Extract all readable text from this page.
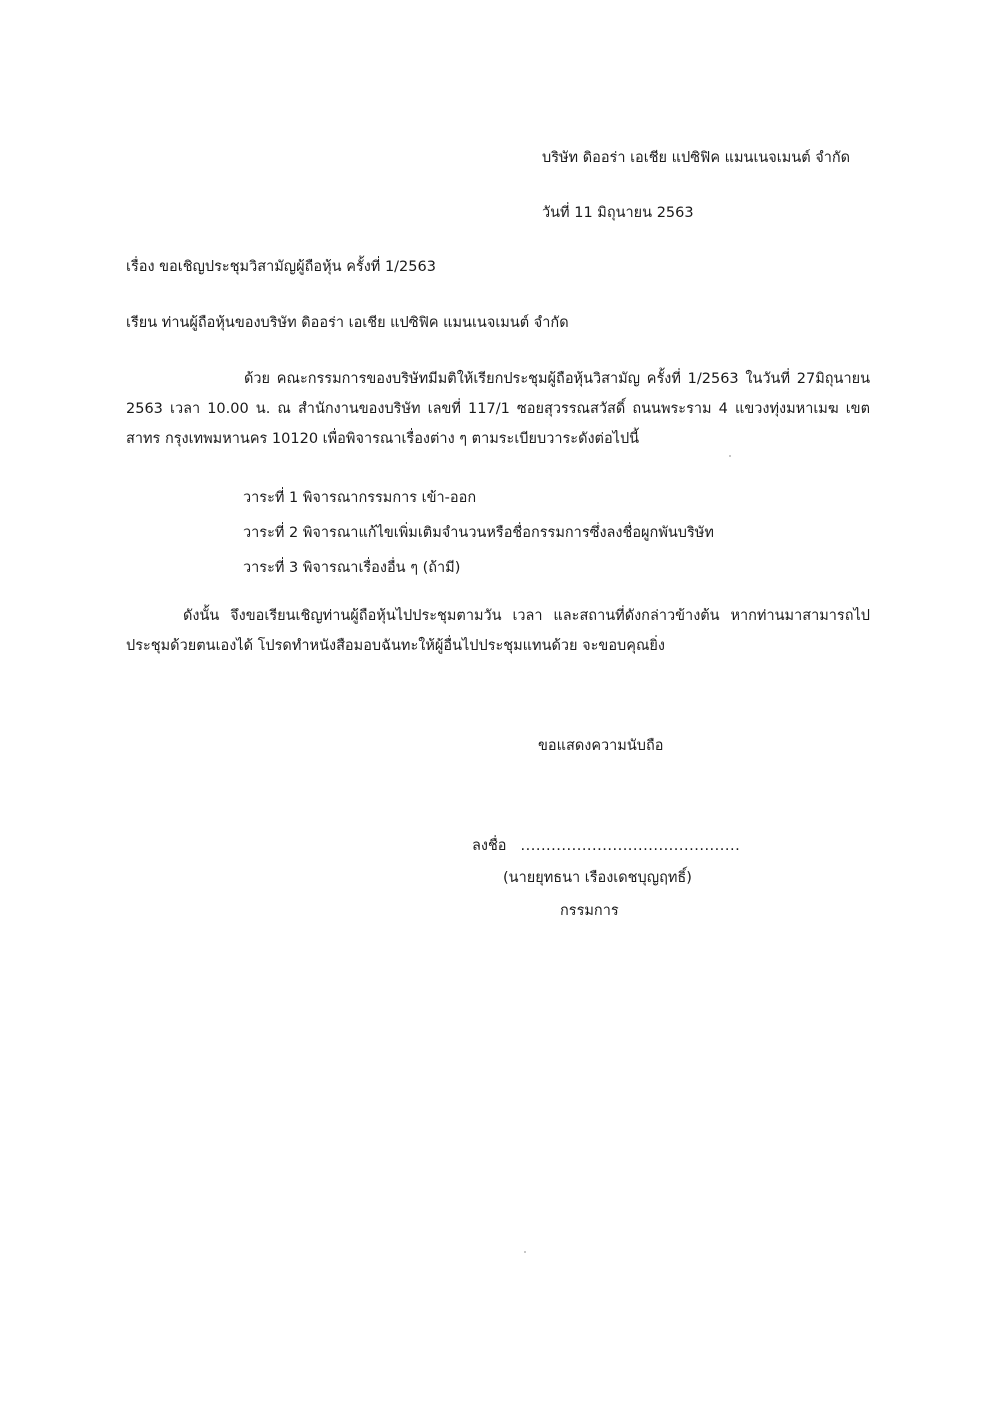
บริษัท ดิออร่า เอเชีย แปซิฟิค แมนเนจเมนต์ จำกัด
วันที่ 11 มิถุนายน 2563
เรื่อง ขอเชิญประชุมวิสามัญผู้ถือหุ้น ครั้งที่ 1/2563
เรียน ท่านผู้ถือหุ้นของบริษัท ดิออร่า เอเชีย แปซิฟิค แมนเนจเมนต์ จำกัด
ด้วย คณะกรรมการของบริษัทมีมติให้เรียกประชุมผู้ถือหุ้นวิสามัญ ครั้งที่ 1/2563 ในวันที่ 27มิถุนายน 2563 เวลา 10.00 น. ณ สำนักงานของบริษัท เลขที่ 117/1 ซอยสุวรรณสวัสดิ์ ถนนพระราม 4 แขวงทุ่งมหาเมฆ เขตสาทร กรุงเทพมหานคร 10120 เพื่อพิจารณาเรื่องต่าง ๆ ตามระเบียบวาระดังต่อไปนี้
วาระที่ 1 พิจารณากรรมการ เข้า-ออก
วาระที่ 2 พิจารณาแก้ไขเพิ่มเติมจำนวนหรือชื่อกรรมการซึ่งลงชื่อผูกพันบริษัท
วาระที่ 3 พิจารณาเรื่องอื่น ๆ (ถ้ามี)
ดังนั้น จึงขอเรียนเชิญท่านผู้ถือหุ้นไปประชุมตามวัน เวลา และสถานที่ดังกล่าวข้างต้น หากท่านมาสามารถไปประชุมด้วยตนเองได้ โปรดทำหนังสือมอบฉันทะให้ผู้อื่นไปประชุมแทนด้วย จะขอบคุณยิ่ง
ขอแสดงความนับถือ
ลงชื่อ ...........................................
(นายยุทธนา เรืองเดชบุญฤทธิ์)
กรรมการ
